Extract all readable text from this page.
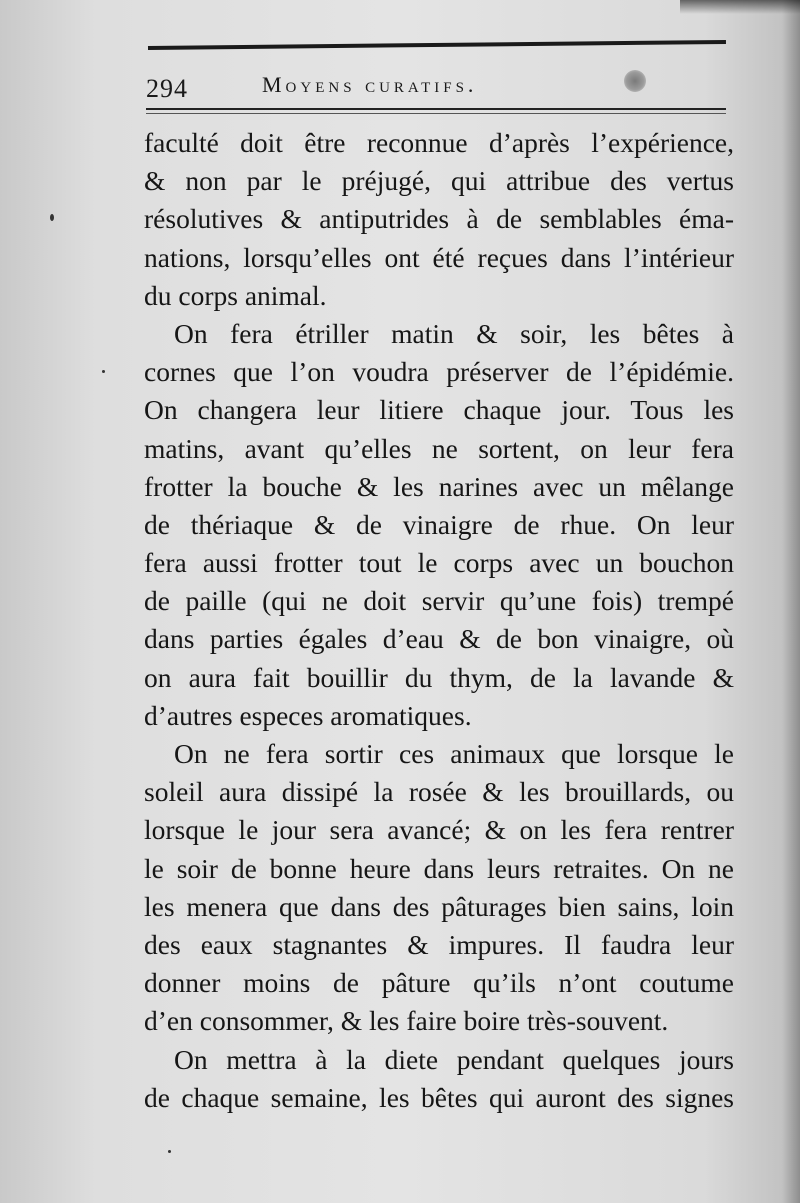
294	Moyens curatifs.
faculté doit être reconnue d’après l’expérience,
& non par le préjugé, qui attribue des vertus
résolutives & antiputrides à de semblables éma-
nations, lorsqu’elles ont été reçues dans l’intérieur
du corps animal.
On fera étriller matin & soir, les bêtes à
cornes que l’on voudra préserver de l’épidémie.
On changera leur litiere chaque jour. Tous les
matins, avant qu’elles ne sortent, on leur fera
frotter la bouche & les narines avec un mêlange
de thériaque & de vinaigre de rhue. On leur
fera aussi frotter tout le corps avec un bouchon
de paille (qui ne doit servir qu’une fois) trempé
dans parties égales d’eau & de bon vinaigre, où
on aura fait bouillir du thym, de la lavande &
d’autres especes aromatiques.
On ne fera sortir ces animaux que lorsque le
soleil aura dissipé la rosée & les brouillards, ou
lorsque le jour sera avancé; & on les fera rentrer
le soir de bonne heure dans leurs retraites. On ne
les menera que dans des pâturages bien sains, loin
des eaux stagnantes & impures. Il faudra leur
donner moins de pâture qu’ils n’ont coutume
d’en consommer, & les faire boire très-souvent.
On mettra à la diete pendant quelques jours
de chaque semaine, les bêtes qui auront des signes
